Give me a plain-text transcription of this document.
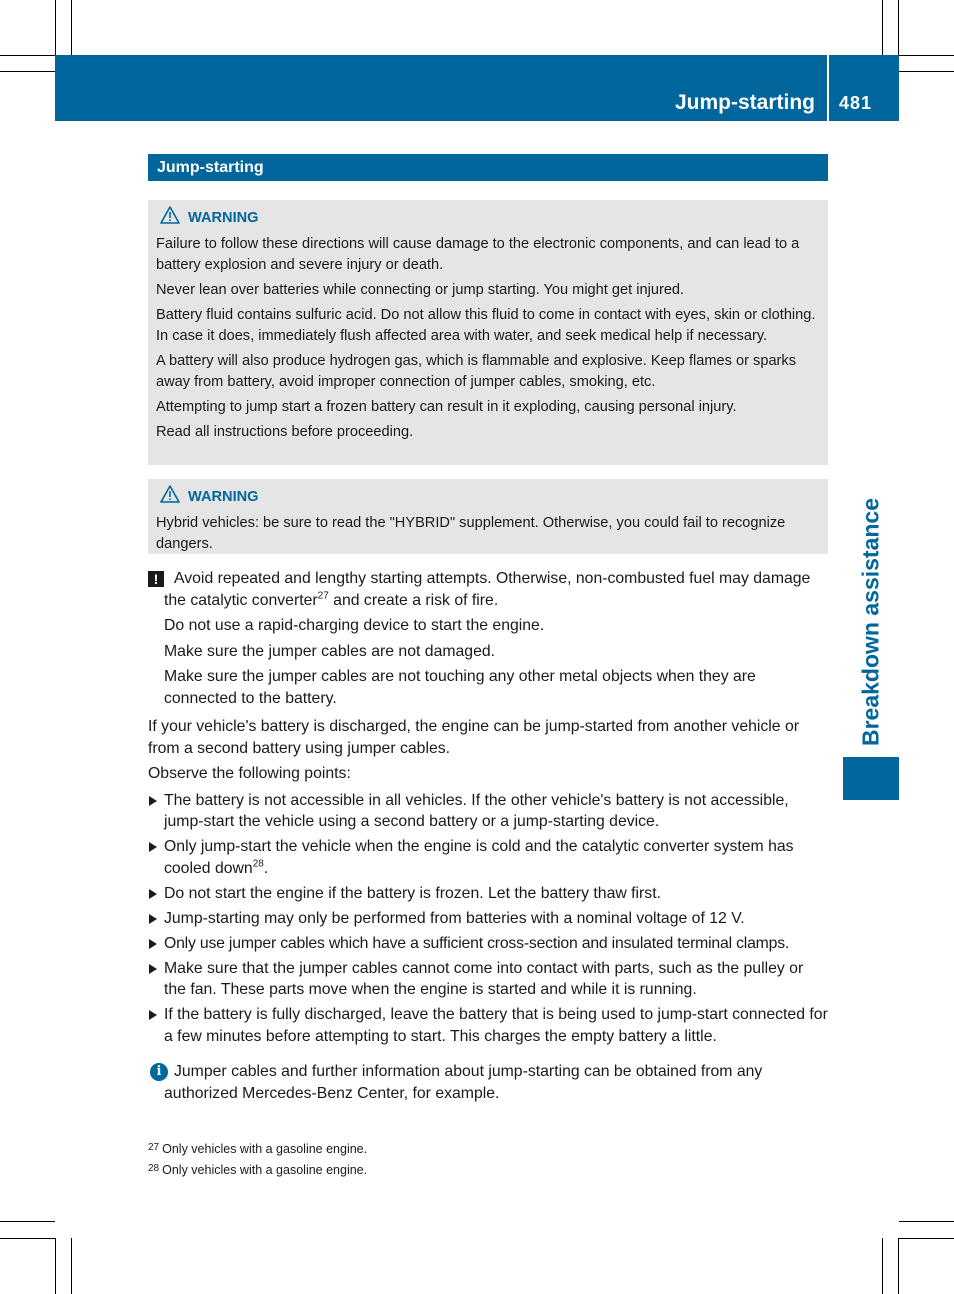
Jump-starting 481
Breakdown assistance
Jump-starting
WARNING

Failure to follow these directions will cause damage to the electronic components, and can lead to a battery explosion and severe injury or death.

Never lean over batteries while connecting or jump starting. You might get injured.

Battery fluid contains sulfuric acid. Do not allow this fluid to come in contact with eyes, skin or clothing. In case it does, immediately flush affected area with water, and seek medical help if necessary.

A battery will also produce hydrogen gas, which is flammable and explosive. Keep flames or sparks away from battery, avoid improper connection of jumper cables, smoking, etc.

Attempting to jump start a frozen battery can result in it exploding, causing personal injury.

Read all instructions before proceeding.

WARNING

Hybrid vehicles: be sure to read the "HYBRID" supplement. Otherwise, you could fail to recognize dangers.

! Avoid repeated and lengthy starting attempts. Otherwise, non-combusted fuel may damage the catalytic converter$^{27}$ and create a risk of fire.

Do not use a rapid-charging device to start the engine.

Make sure the jumper cables are not damaged.

Make sure the jumper cables are not touching any other metal objects when they are connected to the battery.

If your vehicle's battery is discharged, the engine can be jump-started from another vehicle or from a second battery using jumper cables.

Observe the following points:

The battery is not accessible in all vehicles. If the other vehicle's battery is not accessible, jump-start the vehicle using a second battery or a jump-starting device.
Only jump-start the vehicle when the engine is cold and the catalytic converter system has cooled down$^{28}$.
Do not start the engine if the battery is frozen. Let the battery thaw first.
Jump-starting may only be performed from batteries with a nominal voltage of 12 V.
Only use jumper cables which have a sufficient cross-section and insulated terminal clamps.
Make sure that the jumper cables cannot come into contact with parts, such as the pulley or the fan. These parts move when the engine is started and while it is running.
If the battery is fully discharged, leave the battery that is being used to jump-start connected for a few minutes before attempting to start. This charges the empty battery a little.

i Jumper cables and further information about jump-starting can be obtained from any authorized Mercedes-Benz Center, for example.

$^{27}$ Only vehicles with a gasoline engine.
$^{28}$ Only vehicles with a gasoline engine.
